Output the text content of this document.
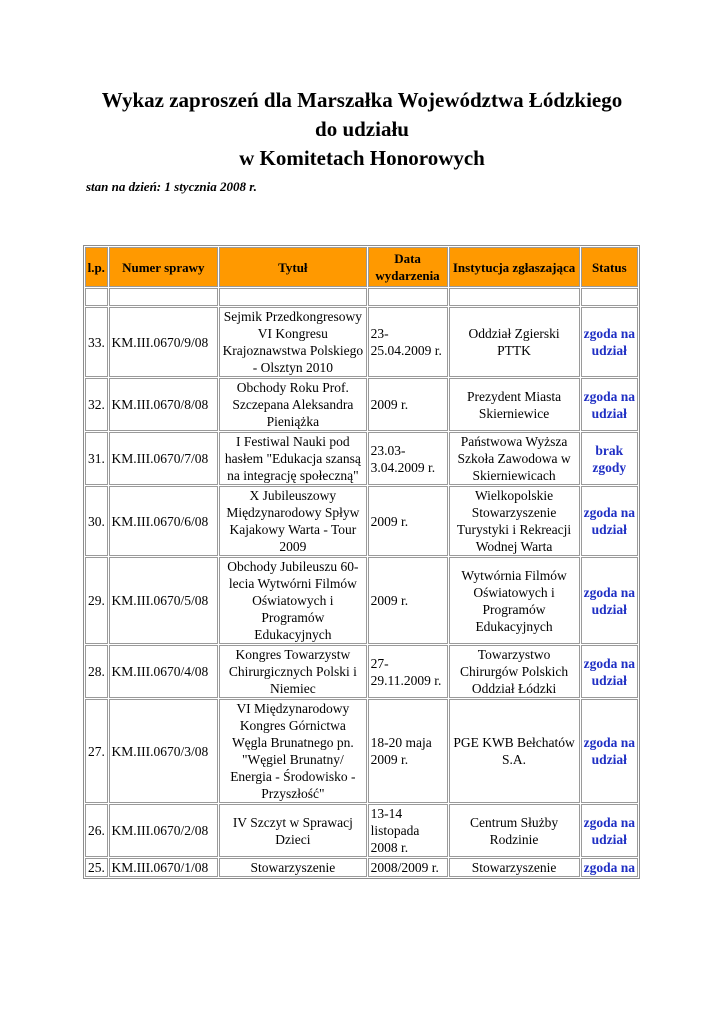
Wykaz zaproszeń dla Marszałka Województwa Łódzkiego
do udziału
w Komitetach Honorowych
stan na dzień: 1 stycznia 2008 r.
l.p.	Numer sprawy	Tytuł	Data wydarzenia	Instytucja zgłaszająca	Status

33.	KM.III.0670/9/08	Sejmik Przedkongresowy VI Kongresu Krajoznawstwa Polskiego - Olsztyn 2010	23-25.04.2009 r.	Oddział Zgierski PTTK	zgoda na udział
32.	KM.III.0670/8/08	Obchody Roku Prof. Szczepana Aleksandra Pieniążka	2009 r.	Prezydent Miasta Skierniewice	zgoda na udział
31.	KM.III.0670/7/08	I Festiwal Nauki pod hasłem "Edukacja szansą na integrację społeczną"	23.03-3.04.2009 r.	Państwowa Wyższa Szkoła Zawodowa w Skierniewicach	brak zgody
30.	KM.III.0670/6/08	X Jubileuszowy Międzynarodowy Spływ Kajakowy Warta - Tour 2009	2009 r.	Wielkopolskie Stowarzyszenie Turystyki i Rekreacji Wodnej Warta	zgoda na udział
29.	KM.III.0670/5/08	Obchody Jubileuszu 60-lecia Wytwórni Filmów Oświatowych i Programów Edukacyjnych	2009 r.	Wytwórnia Filmów Oświatowych i Programów Edukacyjnych	zgoda na udział
28.	KM.III.0670/4/08	Kongres Towarzystw Chirurgicznych Polski i Niemiec	27-29.11.2009 r.	Towarzystwo Chirurgów Polskich Oddział Łódzki	zgoda na udział
27.	KM.III.0670/3/08	VI Międzynarodowy Kongres Górnictwa Węgla Brunatnego pn. "Węgiel Brunatny/ Energia - Środowisko - Przyszłość"	18-20 maja 2009 r.	PGE KWB Bełchatów S.A.	zgoda na udział
26.	KM.III.0670/2/08	IV Szczyt w Sprawacj Dzieci	13-14 listopada 2008 r.	Centrum Służby Rodzinie	zgoda na udział
25.	KM.III.0670/1/08	Stowarzyszenie	2008/2009 r.	Stowarzyszenie	zgoda na
